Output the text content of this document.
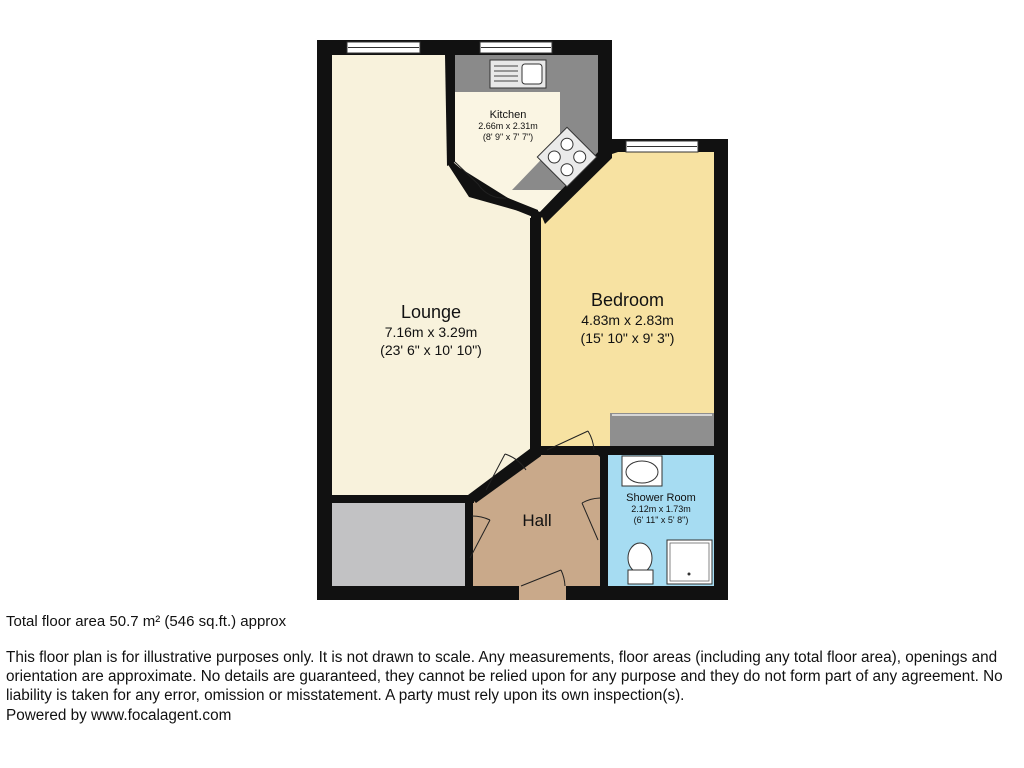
Lounge
7.16m x 3.29m
(23' 6" x 10' 10")
Bedroom
4.83m x 2.83m
(15' 10" x 9' 3")
Kitchen
2.66m x 2.31m
(8' 9" x 7' 7")
Shower Room
2.12m x 1.73m
(6' 11" x 5' 8")
Hall
Total floor area 50.7 m² (546 sq.ft.) approx
This floor plan is for illustrative purposes only. It is not drawn to scale. Any measurements, floor areas (including any total floor area), openings and orientation are approximate. No details are guaranteed, they cannot be relied upon for any purpose and they do not form part of any agreement. No liability is taken for any error, omission or misstatement. A party must rely upon its own inspection(s).
Powered by www.focalagent.com
